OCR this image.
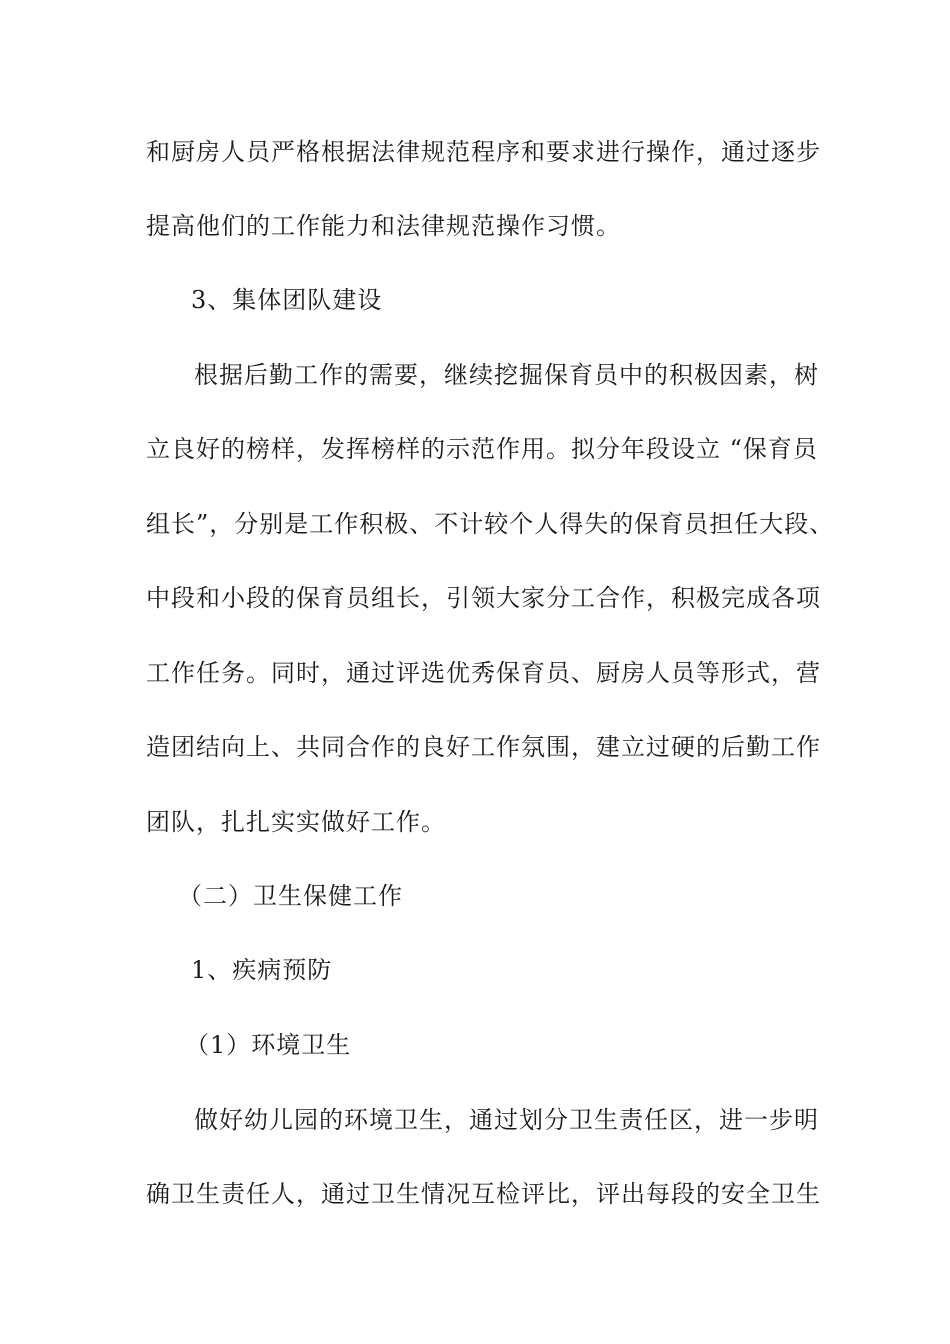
和厨房人员严格根据法律规范程序和要求进行操作，通过逐步
提高他们的工作能力和法律规范操作习惯。
3、集体团队建设
根据后勤工作的需要，继续挖掘保育员中的积极因素，树
立良好的榜样，发挥榜样的示范作用。拟分年段设立 “保育员
组长”，分别是工作积极、不计较个人得失的保育员担任大段、
中段和小段的保育员组长，引领大家分工合作，积极完成各项
工作任务。同时，通过评选优秀保育员、厨房人员等形式，营
造团结向上、共同合作的良好工作氛围，建立过硬的后勤工作
团队，扎扎实实做好工作。
（二）卫生保健工作
1、疾病预防
（1）环境卫生
做好幼儿园的环境卫生，通过划分卫生责任区，进一步明
确卫生责任人，通过卫生情况互检评比，评出每段的安全卫生
